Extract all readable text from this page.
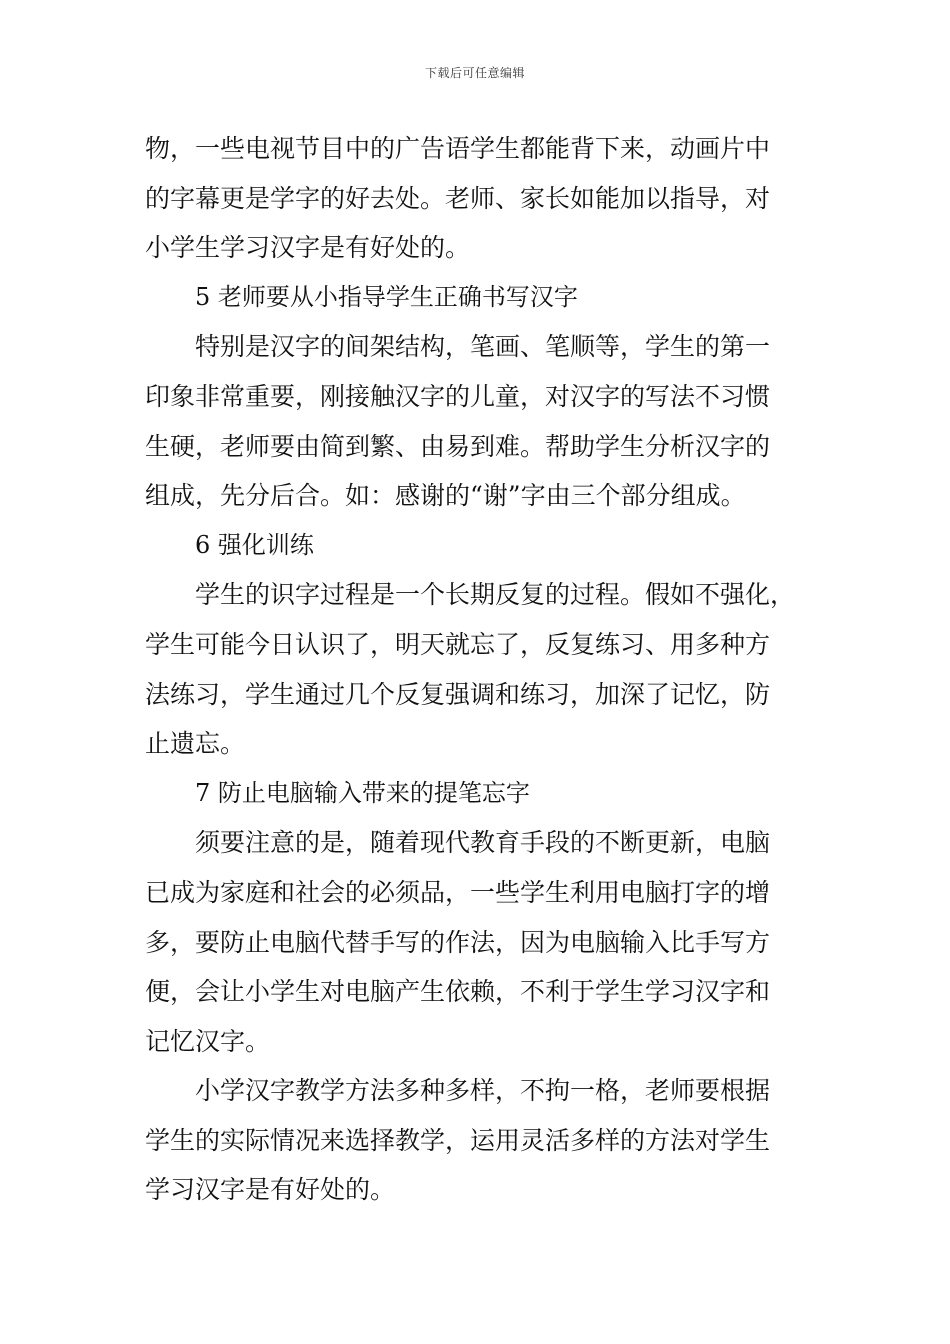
下载后可任意编辑
物，一些电视节目中的广告语学生都能背下来，动画片中
的字幕更是学字的好去处。老师、家长如能加以指导，对
小学生学习汉字是有好处的。
5 老师要从小指导学生正确书写汉字
特别是汉字的间架结构，笔画、笔顺等，学生的第一
印象非常重要，刚接触汉字的儿童，对汉字的写法不习惯
生硬，老师要由简到繁、由易到难。帮助学生分析汉字的
组成，先分后合。如：感谢的“谢”字由三个部分组成。
6 强化训练
学生的识字过程是一个长期反复的过程。假如不强化，
学生可能今日认识了，明天就忘了，反复练习、用多种方
法练习，学生通过几个反复强调和练习，加深了记忆，防
止遗忘。
7 防止电脑输入带来的提笔忘字
须要注意的是，随着现代教育手段的不断更新，电脑
已成为家庭和社会的必须品，一些学生利用电脑打字的增
多，要防止电脑代替手写的作法，因为电脑输入比手写方
便，会让小学生对电脑产生依赖，不利于学生学习汉字和
记忆汉字。
小学汉字教学方法多种多样，不拘一格，老师要根据
学生的实际情况来选择教学，运用灵活多样的方法对学生
学习汉字是有好处的。
